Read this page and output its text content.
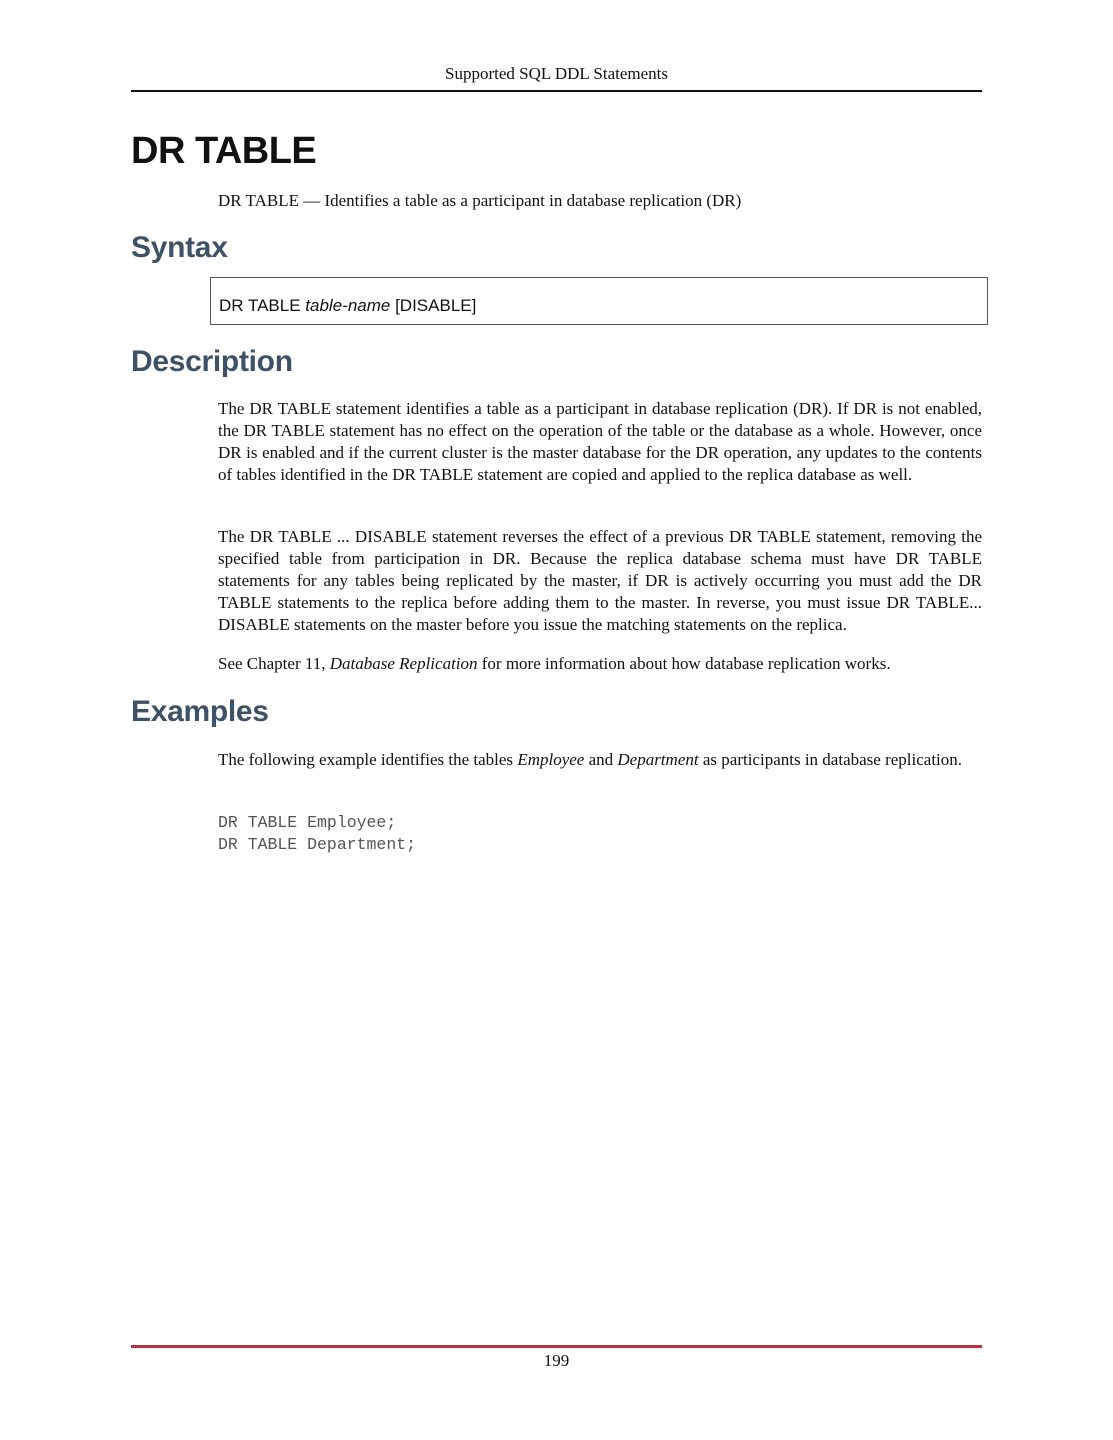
Supported SQL DDL Statements
DR TABLE
DR TABLE — Identifies a table as a participant in database replication (DR)
Syntax
DR TABLE table-name [DISABLE]
Description

The DR TABLE statement identifies a table as a participant in database replication (DR). If DR is not enabled, the DR TABLE statement has no effect on the operation of the table or the database as a whole. However, once DR is enabled and if the current cluster is the master database for the DR operation, any updates to the contents of tables identified in the DR TABLE statement are copied and applied to the replica database as well.

The DR TABLE ... DISABLE statement reverses the effect of a previous DR TABLE statement, removing the specified table from participation in DR. Because the replica database schema must have DR TABLE statements for any tables being replicated by the master, if DR is actively occurring you must add the DR TABLE statements to the replica before adding them to the master. In reverse, you must issue DR TABLE... DISABLE statements on the master before you issue the matching statements on the replica.

See Chapter 11, Database Replication for more information about how database replication works.

Examples

The following example identifies the tables Employee and Department as participants in database replication.

DR TABLE Employee;
DR TABLE Department;
199
